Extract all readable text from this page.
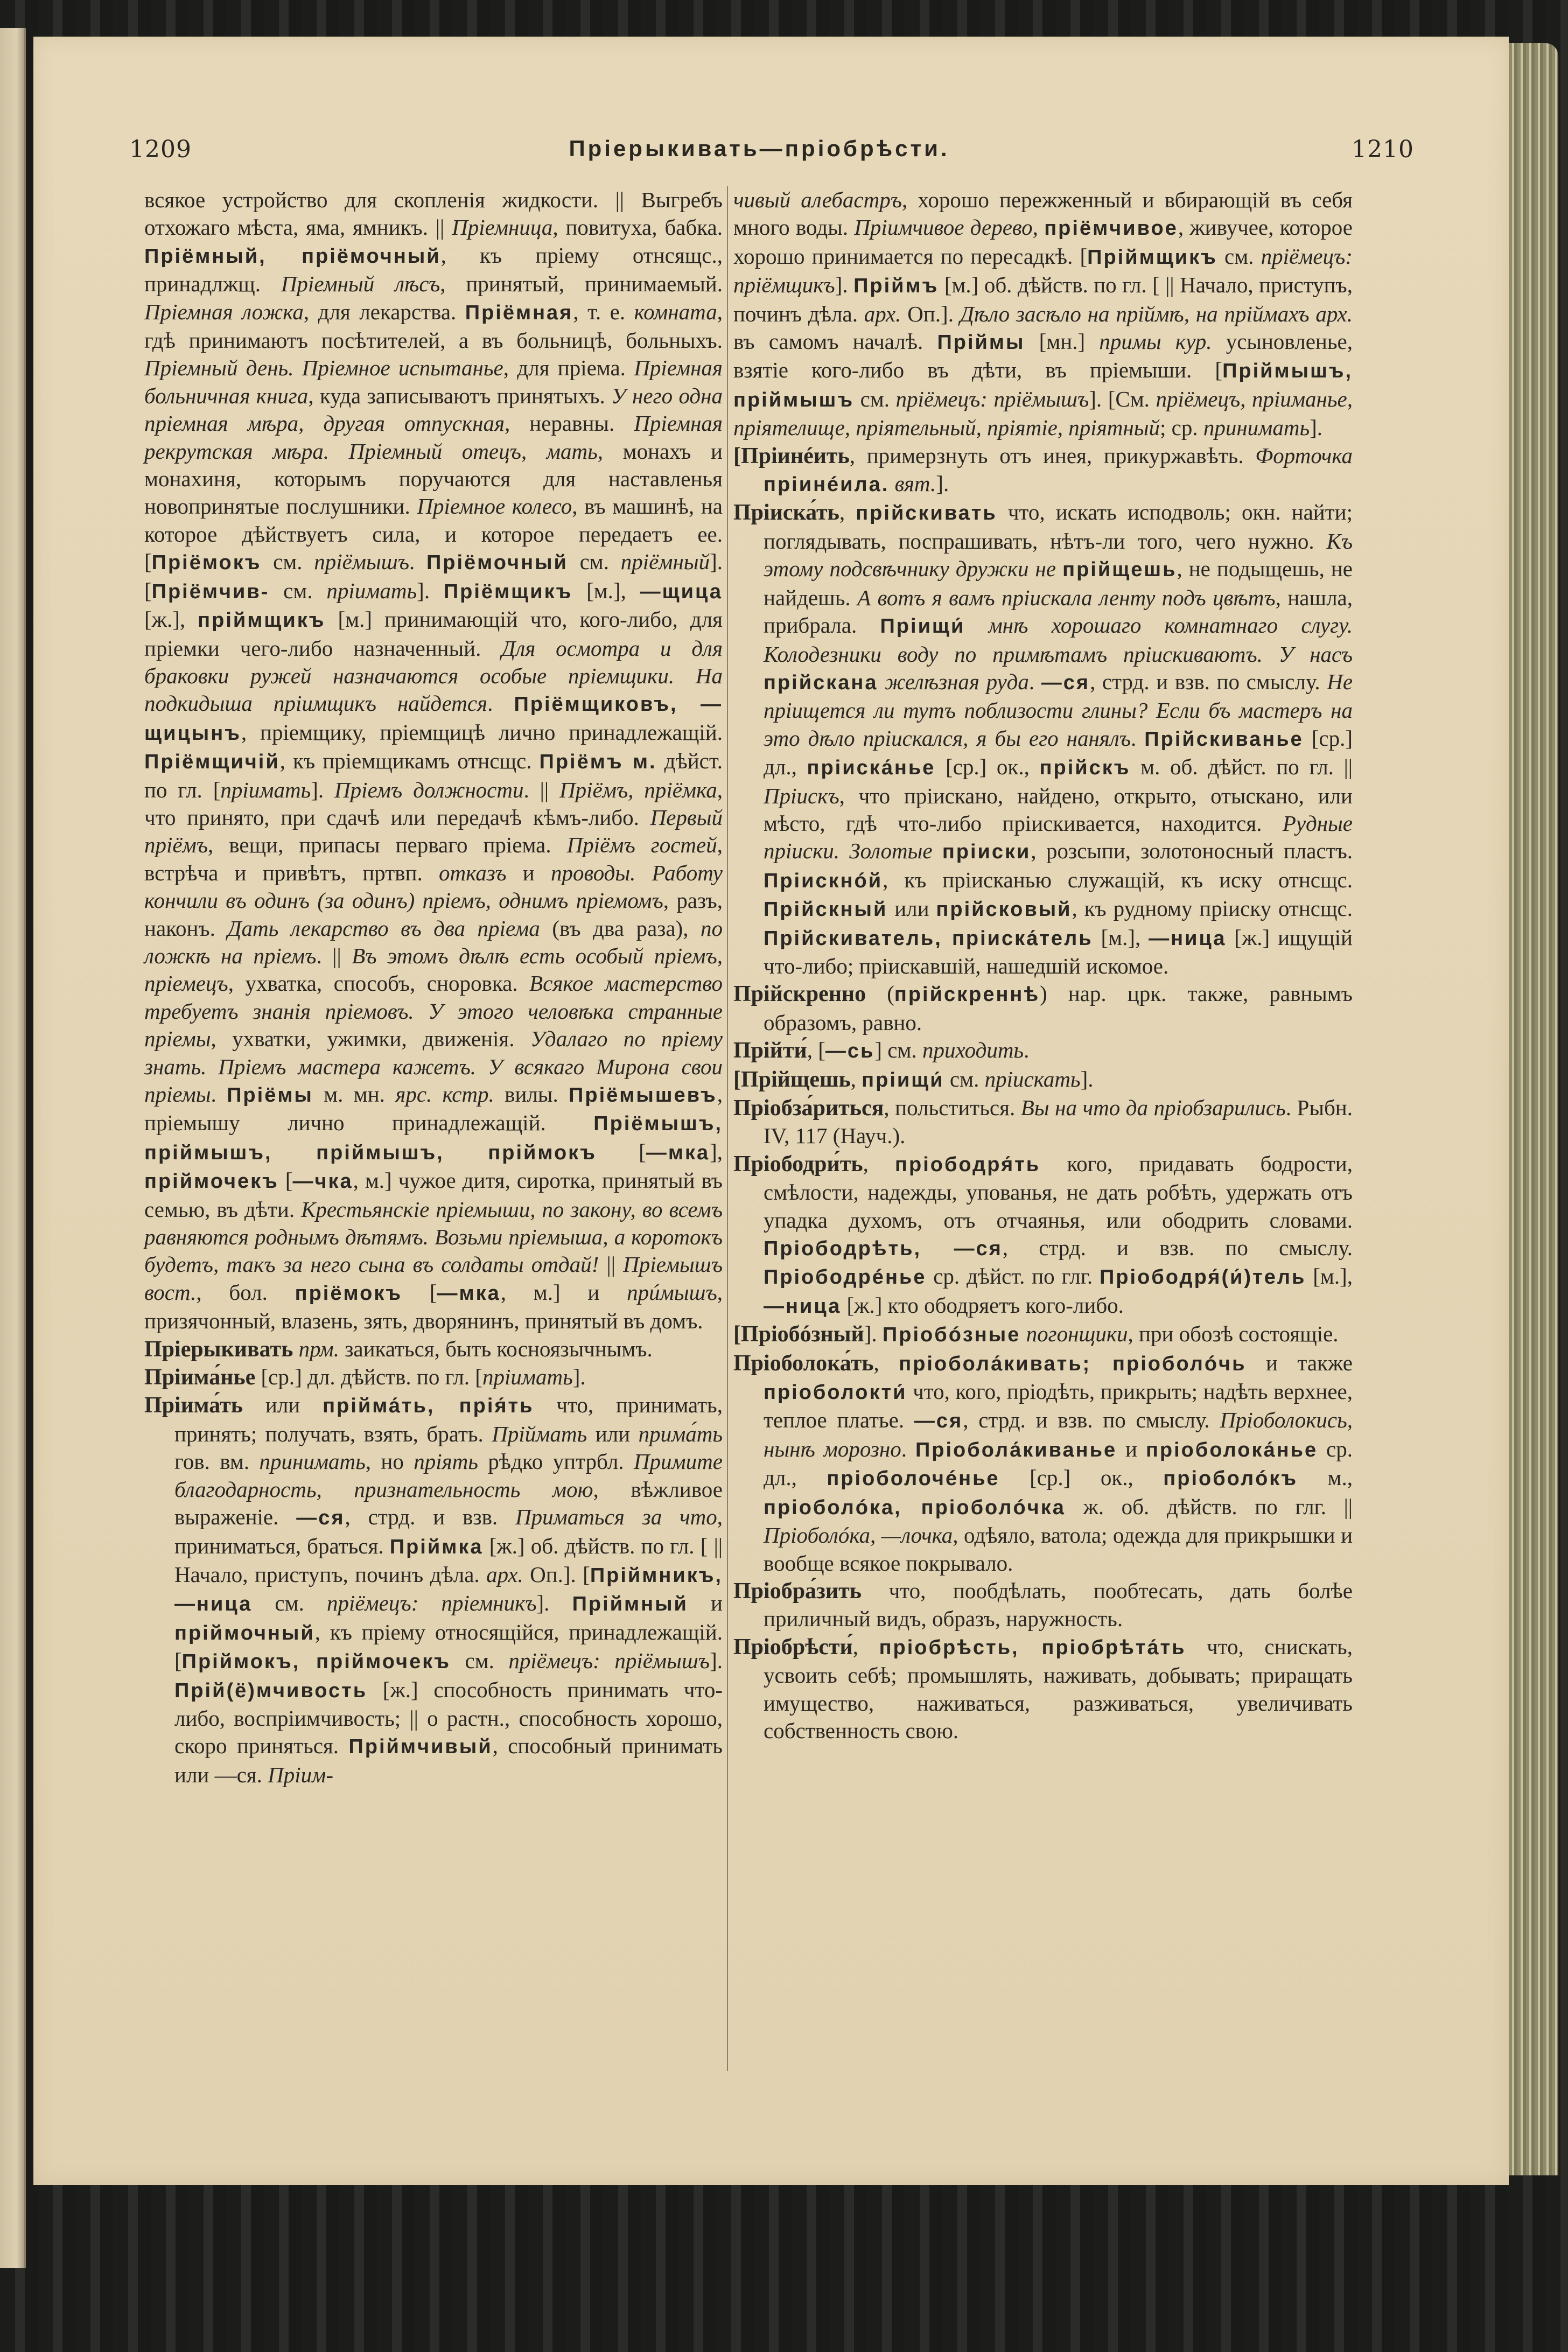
1209	Прiерыкивать—прiобрѣсти.	1210

всякое устройство для скопленiя жидкости. || Выгребъ отхожаго мѣста, яма, ямникъ. || Прiемница, повитуха, бабка. Прiёмный, прiёмочный, къ прiему отнсящс., принадлжщ. Прiемный лѣсъ, принятый, принимаемый. Прiемная ложка, для лекарства. Прiёмная, т. е. комната, гдѣ принимаютъ посѣтителей, а въ больницѣ, больныхъ. Прiемный день. Прiемное испытанье, для прiема. Прiемная больничная книга, куда записываютъ принятыхъ. У него одна прiемная мѣра, другая отпускная, неравны. Прiемная рекрутская мѣра. Прiемный отецъ, мать, монахъ и монахиня, которымъ поручаются для наставленья новопринятые послушники. Прiемное колесо, въ машинѣ, на которое дѣйствуетъ сила, и которое передаетъ ее. [Прiёмокъ см. прiёмышъ. Прiёмочный см. прiёмный]. [Прiёмчив- см. прiимать]. Прiёмщикъ [м.], —щица [ж.], прiймщикъ [м.] принимающiй что, кого-либо, для прiемки чего-либо назначенный. Для осмотра и для браковки ружей назначаются особые прiемщики. На подкидыша прiимщикъ найдется. Прiёмщиковъ, —щицынъ, прiемщику, прiемщицѣ лично принадлежащiй. Прiёмщичiй, къ прiемщикамъ отнсщс. Прiёмъ м. дѣйст. по гл. [прiимать]. Прiемъ должности. || Прiёмъ, прiёмка, что принято, при сдачѣ или передачѣ кѣмъ-либо. Первый прiёмъ, вещи, припасы перваго прiема. Прiёмъ гостей, встрѣча и привѣтъ, пртвп. отказъ и проводы. Работу кончили въ одинъ (за одинъ) прiемъ, однимъ прiемомъ, разъ, наконъ. Дать лекарство въ два прiема (въ два раза), по ложкѣ на прiемъ. || Въ этомъ дѣлѣ есть особый прiемъ, прiемецъ, ухватка, способъ, сноровка. Всякое мастерство требуетъ знанiя прiемовъ. У этого человѣка странные прiемы, ухватки, ужимки, движенiя. Удалаго по прiему знать. Прiемъ мастера кажетъ. У всякаго Мирона свои прiемы. Прiёмы м. мн. ярс. кстр. вилы. Прiёмышевъ, прiемышу лично принадлежащiй. Прiёмышъ, прiймышъ, прiймышъ, прiймокъ [—мка], прiймочекъ [—чка, м.] чужое дитя, сиротка, принятый въ семью, въ дѣти. Крестьянскiе прiемыши, по закону, во всемъ равняются роднымъ дѣтямъ. Возьми прiемыша, а коротокъ будетъ, такъ за него сына въ солдаты отдай! || Прiемышъ вост., бол. прiёмокъ [—мка, м.] и прúмышъ, призячонный, влазень, зять, дворянинъ, принятый въ домъ.

Прiерыкивать прм. заикаться, быть косноязычнымъ.

Прiима́нье [ср.] дл. дѣйств. по гл. [прiимать].

Прiима́ть или прiйма́ть, прiя́ть что, принимать, принять; получать, взять, брать. Прiймать или прима́ть гов. вм. принимать, но прiять рѣдко уптрбл. Примите благодарность, признательность мою, вѣжливое выраженiе. —ся, стрд. и взв. Приматься за что, приниматься, браться. Прiймка [ж.] об. дѣйств. по гл. [ || Начало, приступъ, починъ дѣла. арх. Оп.]. [Прiймникъ, —ница см. прiёмецъ: прiемникъ]. Прiймный и прiймочный, къ прiему относящiйся, принадлежащiй. [Прiймокъ, прiймочекъ см. прiёмецъ: прiёмышъ]. Прiй(ё)мчивость [ж.] способность принимать что-либо, воспрiимчивость; || о растн., способность хорошо, скоро приняться. Прiймчивый, способный принимать или —ся. Прiим-

чивый алебастръ, хорошо пережженный и вбирающiй въ себя много воды. Прiимчивое дерево, прiёмчивое, живучее, которое хорошо принимается по пересадкѣ. [Прiймщикъ см. прiёмецъ: прiёмщикъ]. Прiймъ [м.] об. дѣйств. по гл. [ || Начало, приступъ, починъ дѣла. арх. Оп.]. Дѣло засѣло на прiймѣ, на прiймахъ арх. въ самомъ началѣ. Прiймы [мн.] примы кур. усыновленье, взятiе кого-либо въ дѣти, въ прiемыши. [Прiймышъ, прiймышъ см. прiёмецъ: прiёмышъ]. [См. прiёмецъ, прiиманье, прiятелище, прiятельный, прiятiе, прiятный; ср. принимать].

[Прiинéить, примерзнуть отъ инея, прикуржавѣть. Форточка прiинéила. вят.].

Прiиска́ть, прiйскивать что, искать исподволь; окн. найти; поглядывать, поспрашивать, нѣтъ-ли того, чего нужно. Къ этому подсвѣчнику дружки не прiйщешь, не подыщешь, не найдешь. А вотъ я вамъ прiискала ленту подъ цвѣтъ, нашла, прибрала. Прiищи́ мнѣ хорошаго комнатнаго слугу. Колодезники воду по примѣтамъ прiискиваютъ. У насъ прiйскана желѣзная руда. —ся, стрд. и взв. по смыслу. Не прiищется ли тутъ поблизости глины? Если бъ мастеръ на это дѣло прiискался, я бы его нанялъ. Прiйскиванье [ср.] дл., прiиска́нье [ср.] ок., прiйскъ м. об. дѣйст. по гл. || Прiискъ, что прiискано, найдено, открыто, отыскано, или мѣсто, гдѣ что-либо прiискивается, находится. Рудные прiиски. Золотые прiиски, розсыпи, золотоносный пластъ. Прiискнóй, къ прiисканью служащiй, къ иску отнсщс. Прiйскный или прiйсковый, къ рудному прiиску отнсщс. Прiйскиватель, прiиска́тель [м.], —ница [ж.] ищущiй что-либо; прiискавшiй, нашедшiй искомое.

Прiйскренно (прiйскреннѣ) нар. црк. также, равнымъ образомъ, равно.

Прiйти́, [—сь] см. приходить.

[Прiйщешь, прiищи́ см. прiискать].

Прiобза́риться, польститься. Вы на что да прiобзарились. Рыбн. IV, 117 (Науч.).

Прiободри́ть, прiободря́ть кого, придавать бодрости, смѣлости, надежды, упованья, не дать робѣть, удержать отъ упадка духомъ, отъ отчаянья, или ободрить словами. Прiободрѣть, —ся, стрд. и взв. по смыслу. Прiободрéнье ср. дѣйст. по глг. Прiободря́(и́)тель [м.], —ница [ж.] кто ободряетъ кого-либо.

[Прiобóзный]. Прiобóзные погонщики, при обозѣ состоящiе.

Прiоболока́ть, прiобола́кивать; прiоболóчь и также прiоболокти́ что, кого, прiодѣть, прикрыть; надѣть верхнее, теплое платье. —ся, стрд. и взв. по смыслу. Прiоболокись, нынѣ морозно. Прiобола́киванье и прiоболока́нье ср. дл., прiоболочéнье [ср.] ок., прiоболóкъ м., прiоболóка, прiоболóчка ж. об. дѣйств. по глг. || Прiоболóка, —лочка, одѣяло, ватола; одежда для прикрышки и вообще всякое покрывало.

Прiобра́зить что, пообдѣлать, пообтесать, дать болѣе приличный видъ, образъ, наружность.

Прiобрѣсти́, прiобрѣсть, прiобрѣта́ть что, снискать, усвоить себѣ; промышлять, наживать, добывать; приращать имущество, наживаться, разживаться, увеличивать собственность свою.
